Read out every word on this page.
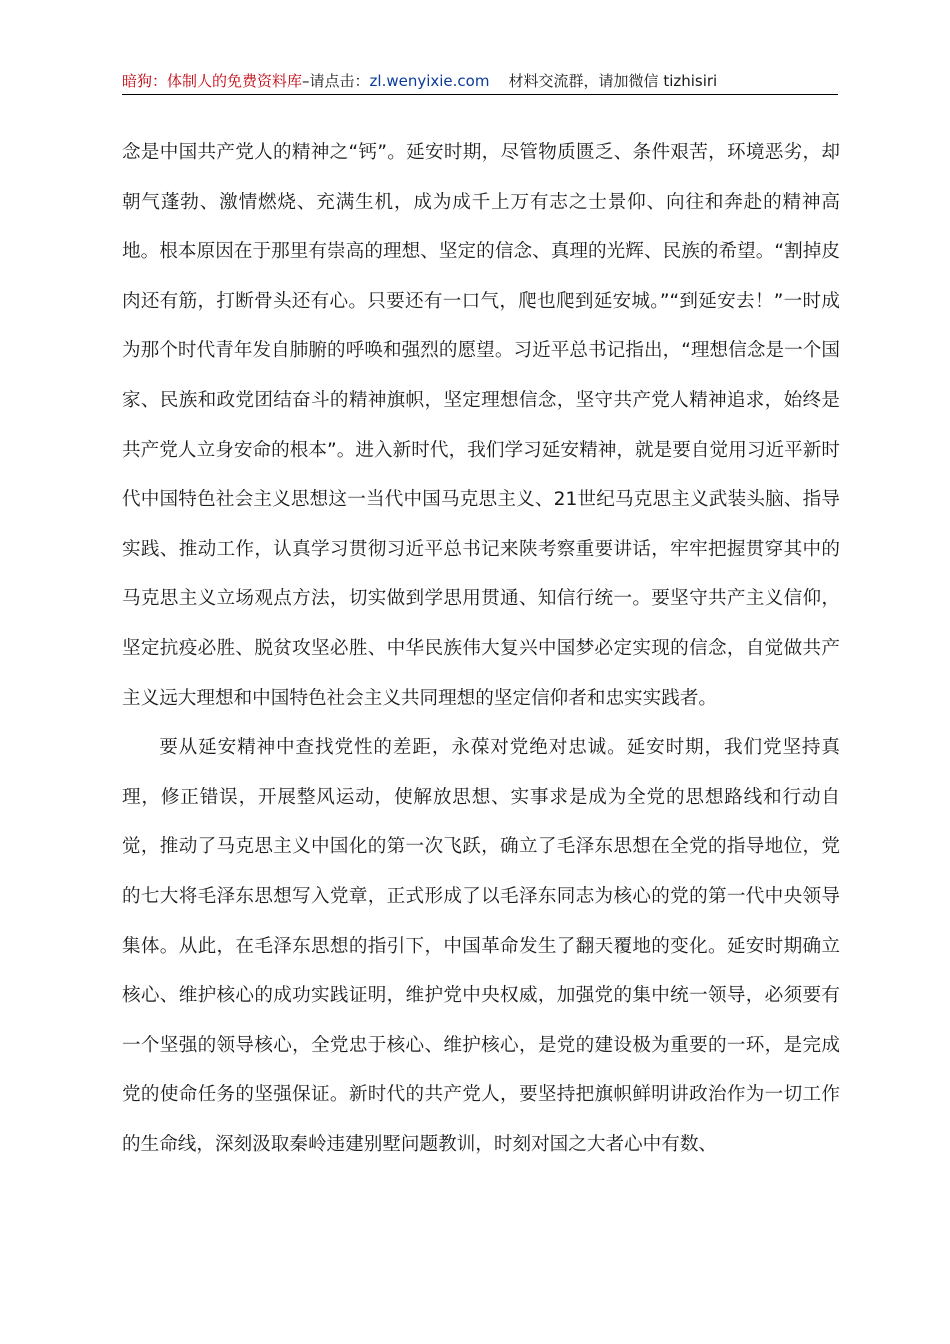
暗狗：体制人的免费资料库–请点击：zl.wenyixie.com 材料交流群，请加微信 tizhisiri

念是中国共产党人的精神之“钙”。延安时期，尽管物质匮乏、条件艰苦，环境恶劣，却朝气蓬勃、激情燃烧、充满生机，成为成千上万有志之士景仰、向往和奔赴的精神高地。根本原因在于那里有崇高的理想、坚定的信念、真理的光辉、民族的希望。“割掉皮肉还有筋，打断骨头还有心。只要还有一口气，爬也爬到延安城。”“到延安去！”一时成为那个时代青年发自肺腑的呼唤和强烈的愿望。习近平总书记指出，“理想信念是一个国家、民族和政党团结奋斗的精神旗帜，坚定理想信念，坚守共产党人精神追求，始终是共产党人立身安命的根本”。进入新时代，我们学习延安精神，就是要自觉用习近平新时代中国特色社会主义思想这一当代中国马克思主义、21世纪马克思主义武装头脑、指导实践、推动工作，认真学习贯彻习近平总书记来陕考察重要讲话，牢牢把握贯穿其中的马克思主义立场观点方法，切实做到学思用贯通、知信行统一。要坚守共产主义信仰，坚定抗疫必胜、脱贫攻坚必胜、中华民族伟大复兴中国梦必定实现的信念，自觉做共产主义远大理想和中国特色社会主义共同理想的坚定信仰者和忠实实践者。

要从延安精神中查找党性的差距，永葆对党绝对忠诚。延安时期，我们党坚持真理，修正错误，开展整风运动，使解放思想、实事求是成为全党的思想路线和行动自觉，推动了马克思主义中国化的第一次飞跃，确立了毛泽东思想在全党的指导地位，党的七大将毛泽东思想写入党章，正式形成了以毛泽东同志为核心的党的第一代中央领导集体。从此，在毛泽东思想的指引下，中国革命发生了翻天覆地的变化。延安时期确立核心、维护核心的成功实践证明，维护党中央权威，加强党的集中统一领导，必须要有一个坚强的领导核心，全党忠于核心、维护核心，是党的建设极为重要的一环，是完成党的使命任务的坚强保证。新时代的共产党人，要坚持把旗帜鲜明讲政治作为一切工作的生命线，深刻汲取秦岭违建别墅问题教训，时刻对国之大者心中有数、
